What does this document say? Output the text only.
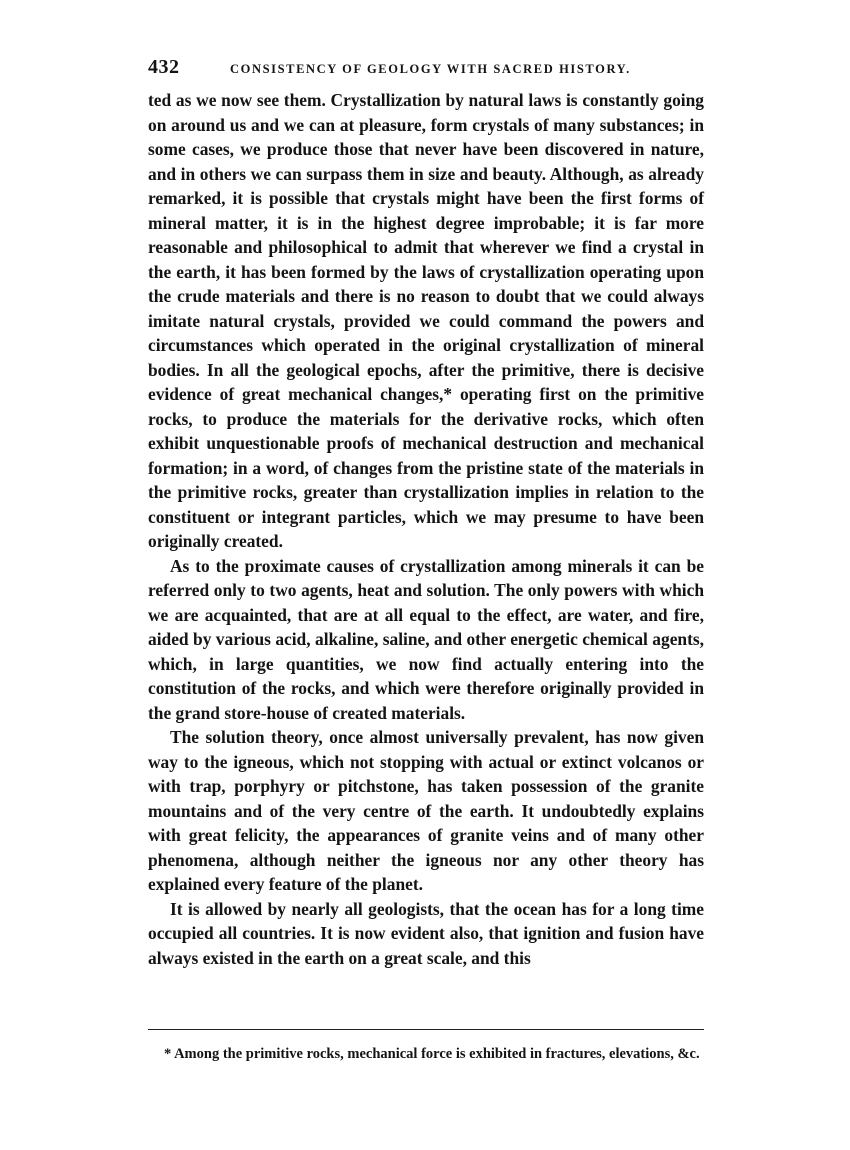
432	CONSISTENCY OF GEOLOGY WITH SACRED HISTORY.

ted as we now see them. Crystallization by natural laws is constantly going on around us and we can at pleasure, form crystals of many substances; in some cases, we produce those that never have been discovered in nature, and in others we can surpass them in size and beauty. Although, as already remarked, it is possible that crystals might have been the first forms of mineral matter, it is in the highest degree improbable; it is far more reasonable and philosophical to admit that wherever we find a crystal in the earth, it has been formed by the laws of crystallization operating upon the crude materials and there is no reason to doubt that we could always imitate natural crystals, provided we could command the powers and circumstances which operated in the original crystallization of mineral bodies. In all the geological epochs, after the primitive, there is decisive evidence of great mechanical changes,* operating first on the primitive rocks, to produce the materials for the derivative rocks, which often exhibit unquestionable proofs of mechanical destruction and mechanical formation; in a word, of changes from the pristine state of the materials in the primitive rocks, greater than crystallization implies in relation to the constituent or integrant particles, which we may presume to have been originally created.

As to the proximate causes of crystallization among minerals it can be referred only to two agents, heat and solution. The only powers with which we are acquainted, that are at all equal to the effect, are water, and fire, aided by various acid, alkaline, saline, and other energetic chemical agents, which, in large quantities, we now find actually entering into the constitution of the rocks, and which were therefore originally provided in the grand store-house of created materials.

The solution theory, once almost universally prevalent, has now given way to the igneous, which not stopping with actual or extinct volcanos or with trap, porphyry or pitchstone, has taken possession of the granite mountains and of the very centre of the earth. It undoubtedly explains with great felicity, the appearances of granite veins and of many other phenomena, although neither the igneous nor any other theory has explained every feature of the planet.

It is allowed by nearly all geologists, that the ocean has for a long time occupied all countries. It is now evident also, that ignition and fusion have always existed in the earth on a great scale, and this

* Among the primitive rocks, mechanical force is exhibited in fractures, elevations, &c.
